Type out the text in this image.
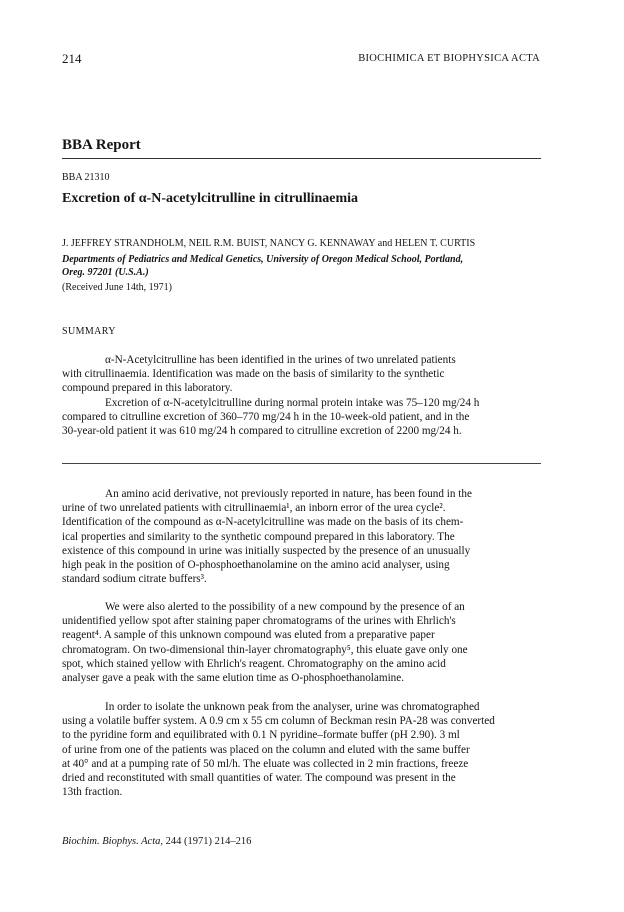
214	BIOCHIMICA ET BIOPHYSICA ACTA
BBA Report
BBA 21310
Excretion of α-N-acetylcitrulline in citrullinaemia
J. JEFFREY STRANDHOLM, NEIL R.M. BUIST, NANCY G. KENNAWAY and HELEN T. CURTIS
Departments of Pediatrics and Medical Genetics, University of Oregon Medical School, Portland,
Oreg. 97201 (U.S.A.)
(Received June 14th, 1971)
SUMMARY

α-N-Acetylcitrulline has been identified in the urines of two unrelated patients
with citrullinaemia. Identification was made on the basis of similarity to the synthetic
compound prepared in this laboratory.

Excretion of α-N-acetylcitrulline during normal protein intake was 75–120 mg/24 h
compared to citrulline excretion of 360–770 mg/24 h in the 10-week-old patient, and in the
30-year-old patient it was 610 mg/24 h compared to citrulline excretion of 2200 mg/24 h.

An amino acid derivative, not previously reported in nature, has been found in the
urine of two unrelated patients with citrullinaemia¹, an inborn error of the urea cycle².
Identification of the compound as α-N-acetylcitrulline was made on the basis of its chem-
ical properties and similarity to the synthetic compound prepared in this laboratory. The
existence of this compound in urine was initially suspected by the presence of an unusually
high peak in the position of O-phosphoethanolamine on the amino acid analyser, using
standard sodium citrate buffers³.

We were also alerted to the possibility of a new compound by the presence of an
unidentified yellow spot after staining paper chromatograms of the urines with Ehrlich's
reagent⁴. A sample of this unknown compound was eluted from a preparative paper
chromatogram. On two-dimensional thin-layer chromatography⁵, this eluate gave only one
spot, which stained yellow with Ehrlich's reagent. Chromatography on the amino acid
analyser gave a peak with the same elution time as O-phosphoethanolamine.

In order to isolate the unknown peak from the analyser, urine was chromatographed
using a volatile buffer system. A 0.9 cm x 55 cm column of Beckman resin PA-28 was converted
to the pyridine form and equilibrated with 0.1 N pyridine–formate buffer (pH 2.90). 3 ml
of urine from one of the patients was placed on the column and eluted with the same buffer
at 40° and at a pumping rate of 50 ml/h. The eluate was collected in 2 min fractions, freeze
dried and reconstituted with small quantities of water. The compound was present in the
13th fraction.

Biochim. Biophys. Acta, 244 (1971) 214–216
